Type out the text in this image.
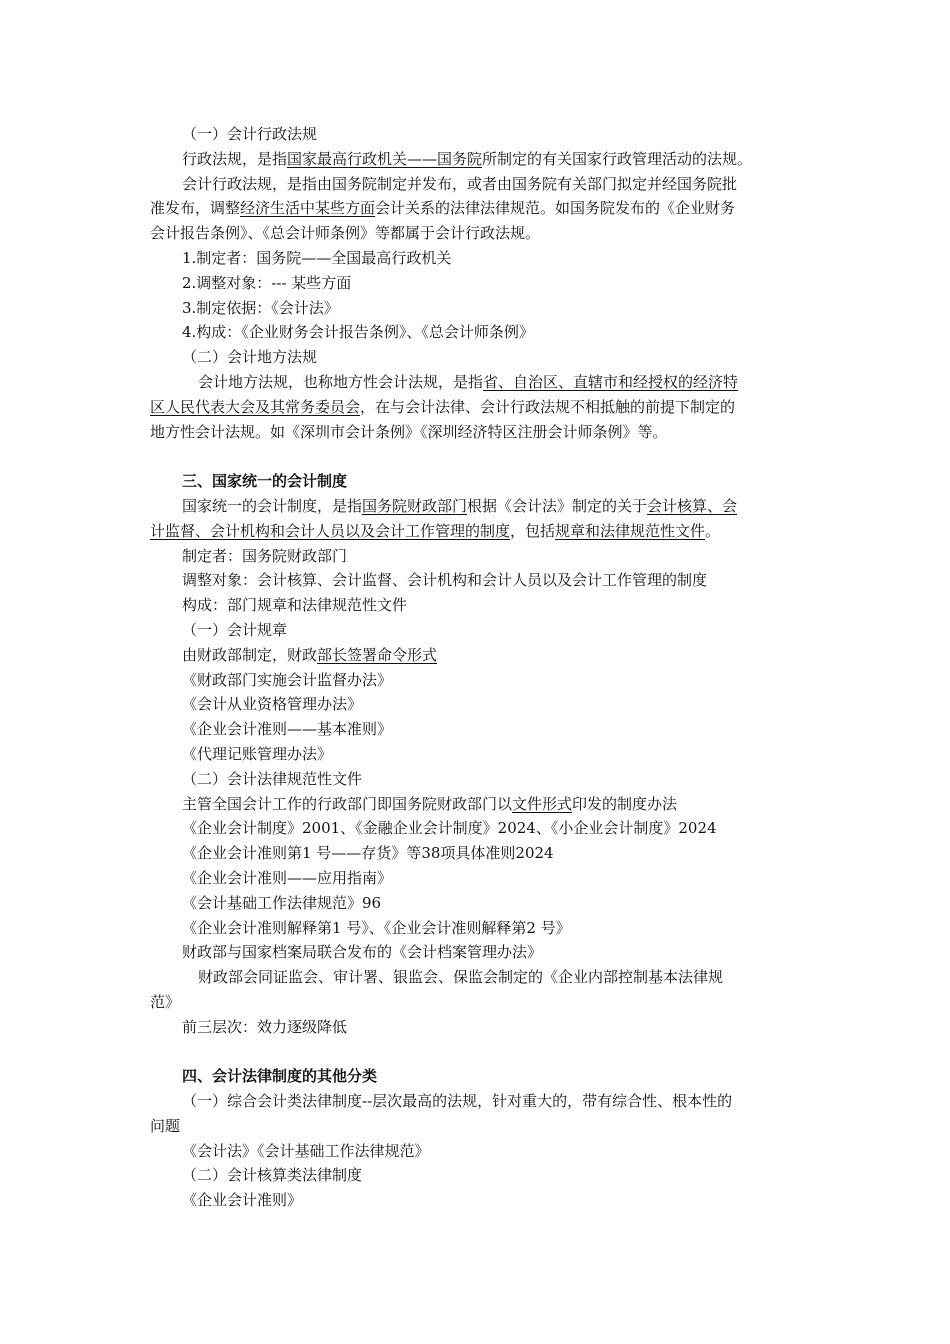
（一）会计行政法规
行政法规，是指国家最高行政机关——国务院所制定的有关国家行政管理活动的法规。
会计行政法规，是指由国务院制定并发布，或者由国务院有关部门拟定并经国务院批
准发布，调整经济生活中某些方面会计关系的法律法律规范。如国务院发布的《企业财务
会计报告条例》、《总会计师条例》等都属于会计行政法规。
1.制定者：国务院——全国最高行政机关
2.调整对象：--- 某些方面
3.制定依据：《会计法》
4.构成：《企业财务会计报告条例》、《总会计师条例》
（二）会计地方法规
会计地方法规，也称地方性会计法规，是指省、自治区、直辖市和经授权的经济特
区人民代表大会及其常务委员会，在与会计法律、会计行政法规不相抵触的前提下制定的
地方性会计法规。如《深圳市会计条例》《深圳经济特区注册会计师条例》等。
三、国家统一的会计制度
国家统一的会计制度，是指国务院财政部门根据《会计法》制定的关于会计核算、会
计监督、会计机构和会计人员以及会计工作管理的制度，包括规章和法律规范性文件。
制定者：国务院财政部门
调整对象：会计核算、会计监督、会计机构和会计人员以及会计工作管理的制度
构成：部门规章和法律规范性文件
（一）会计规章
由财政部制定，财政部长签署命令形式
《财政部门实施会计监督办法》
《会计从业资格管理办法》
《企业会计准则——基本准则》
《代理记账管理办法》
（二）会计法律规范性文件
主管全国会计工作的行政部门即国务院财政部门以文件形式印发的制度办法
《企业会计制度》2001、《金融企业会计制度》2024、《小企业会计制度》2024
《企业会计准则第1 号——存货》等38项具体准则2024
《企业会计准则——应用指南》
《会计基础工作法律规范》96
《企业会计准则解释第1 号》、《企业会计准则解释第2 号》
财政部与国家档案局联合发布的《会计档案管理办法》
财政部会同证监会、审计署、银监会、保监会制定的《企业内部控制基本法律规
范》
前三层次：效力逐级降低
四、会计法律制度的其他分类
（一）综合会计类法律制度--层次最高的法规，针对重大的，带有综合性、根本性的
问题
《会计法》《会计基础工作法律规范》
（二）会计核算类法律制度
《企业会计准则》
